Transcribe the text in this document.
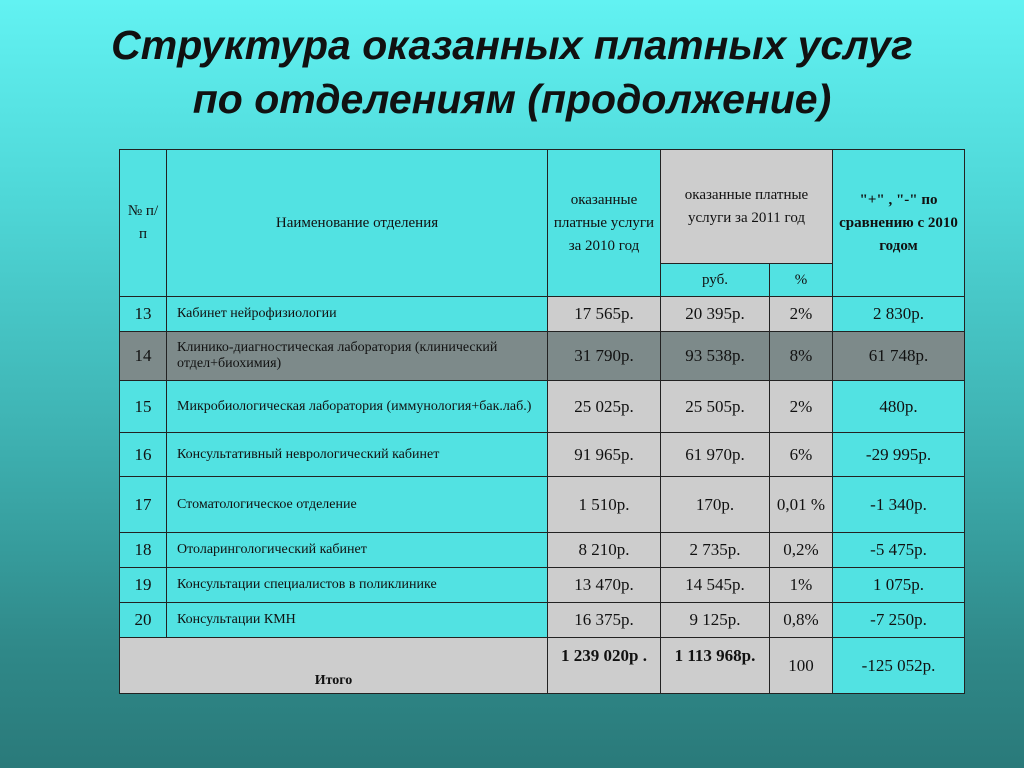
Структура оказанных платных услуг
по отделениям (продолжение)
№ п/ п	Наименование отделения	оказанные платные услуги за 2010 год	оказанные платные услуги за 2011 год		"+" , "-" по сравнению с 2010 годом
			руб.	%	
13	Кабинет нейрофизиологии	17 565р.	20 395р.	2%	2 830р.
14	Клинико-диагностическая лаборатория (клинический отдел+биохимия)	31 790р.	93 538р.	8%	61 748р.
15	Микробиологическая лаборатория (иммунология+бак.лаб.)	25 025р.	25 505р.	2%	480р.
16	Консультативный неврологический кабинет	91 965р.	61 970р.	6%	-29 995р.
17	Стоматологическое отделение	1 510р.	170р.	0,01 %	-1 340р.
18	Отоларингологический кабинет	8 210р.	2 735р.	0,2%	-5 475р.
19	Консультации специалистов в поликлинике	13 470р.	14 545р.	1%	1 075р.
20	Консультации КМН	16 375р.	9 125р.	0,8%	-7 250р.
Итого		1 239 020р .	1 113 968р.	100	-125 052р.
